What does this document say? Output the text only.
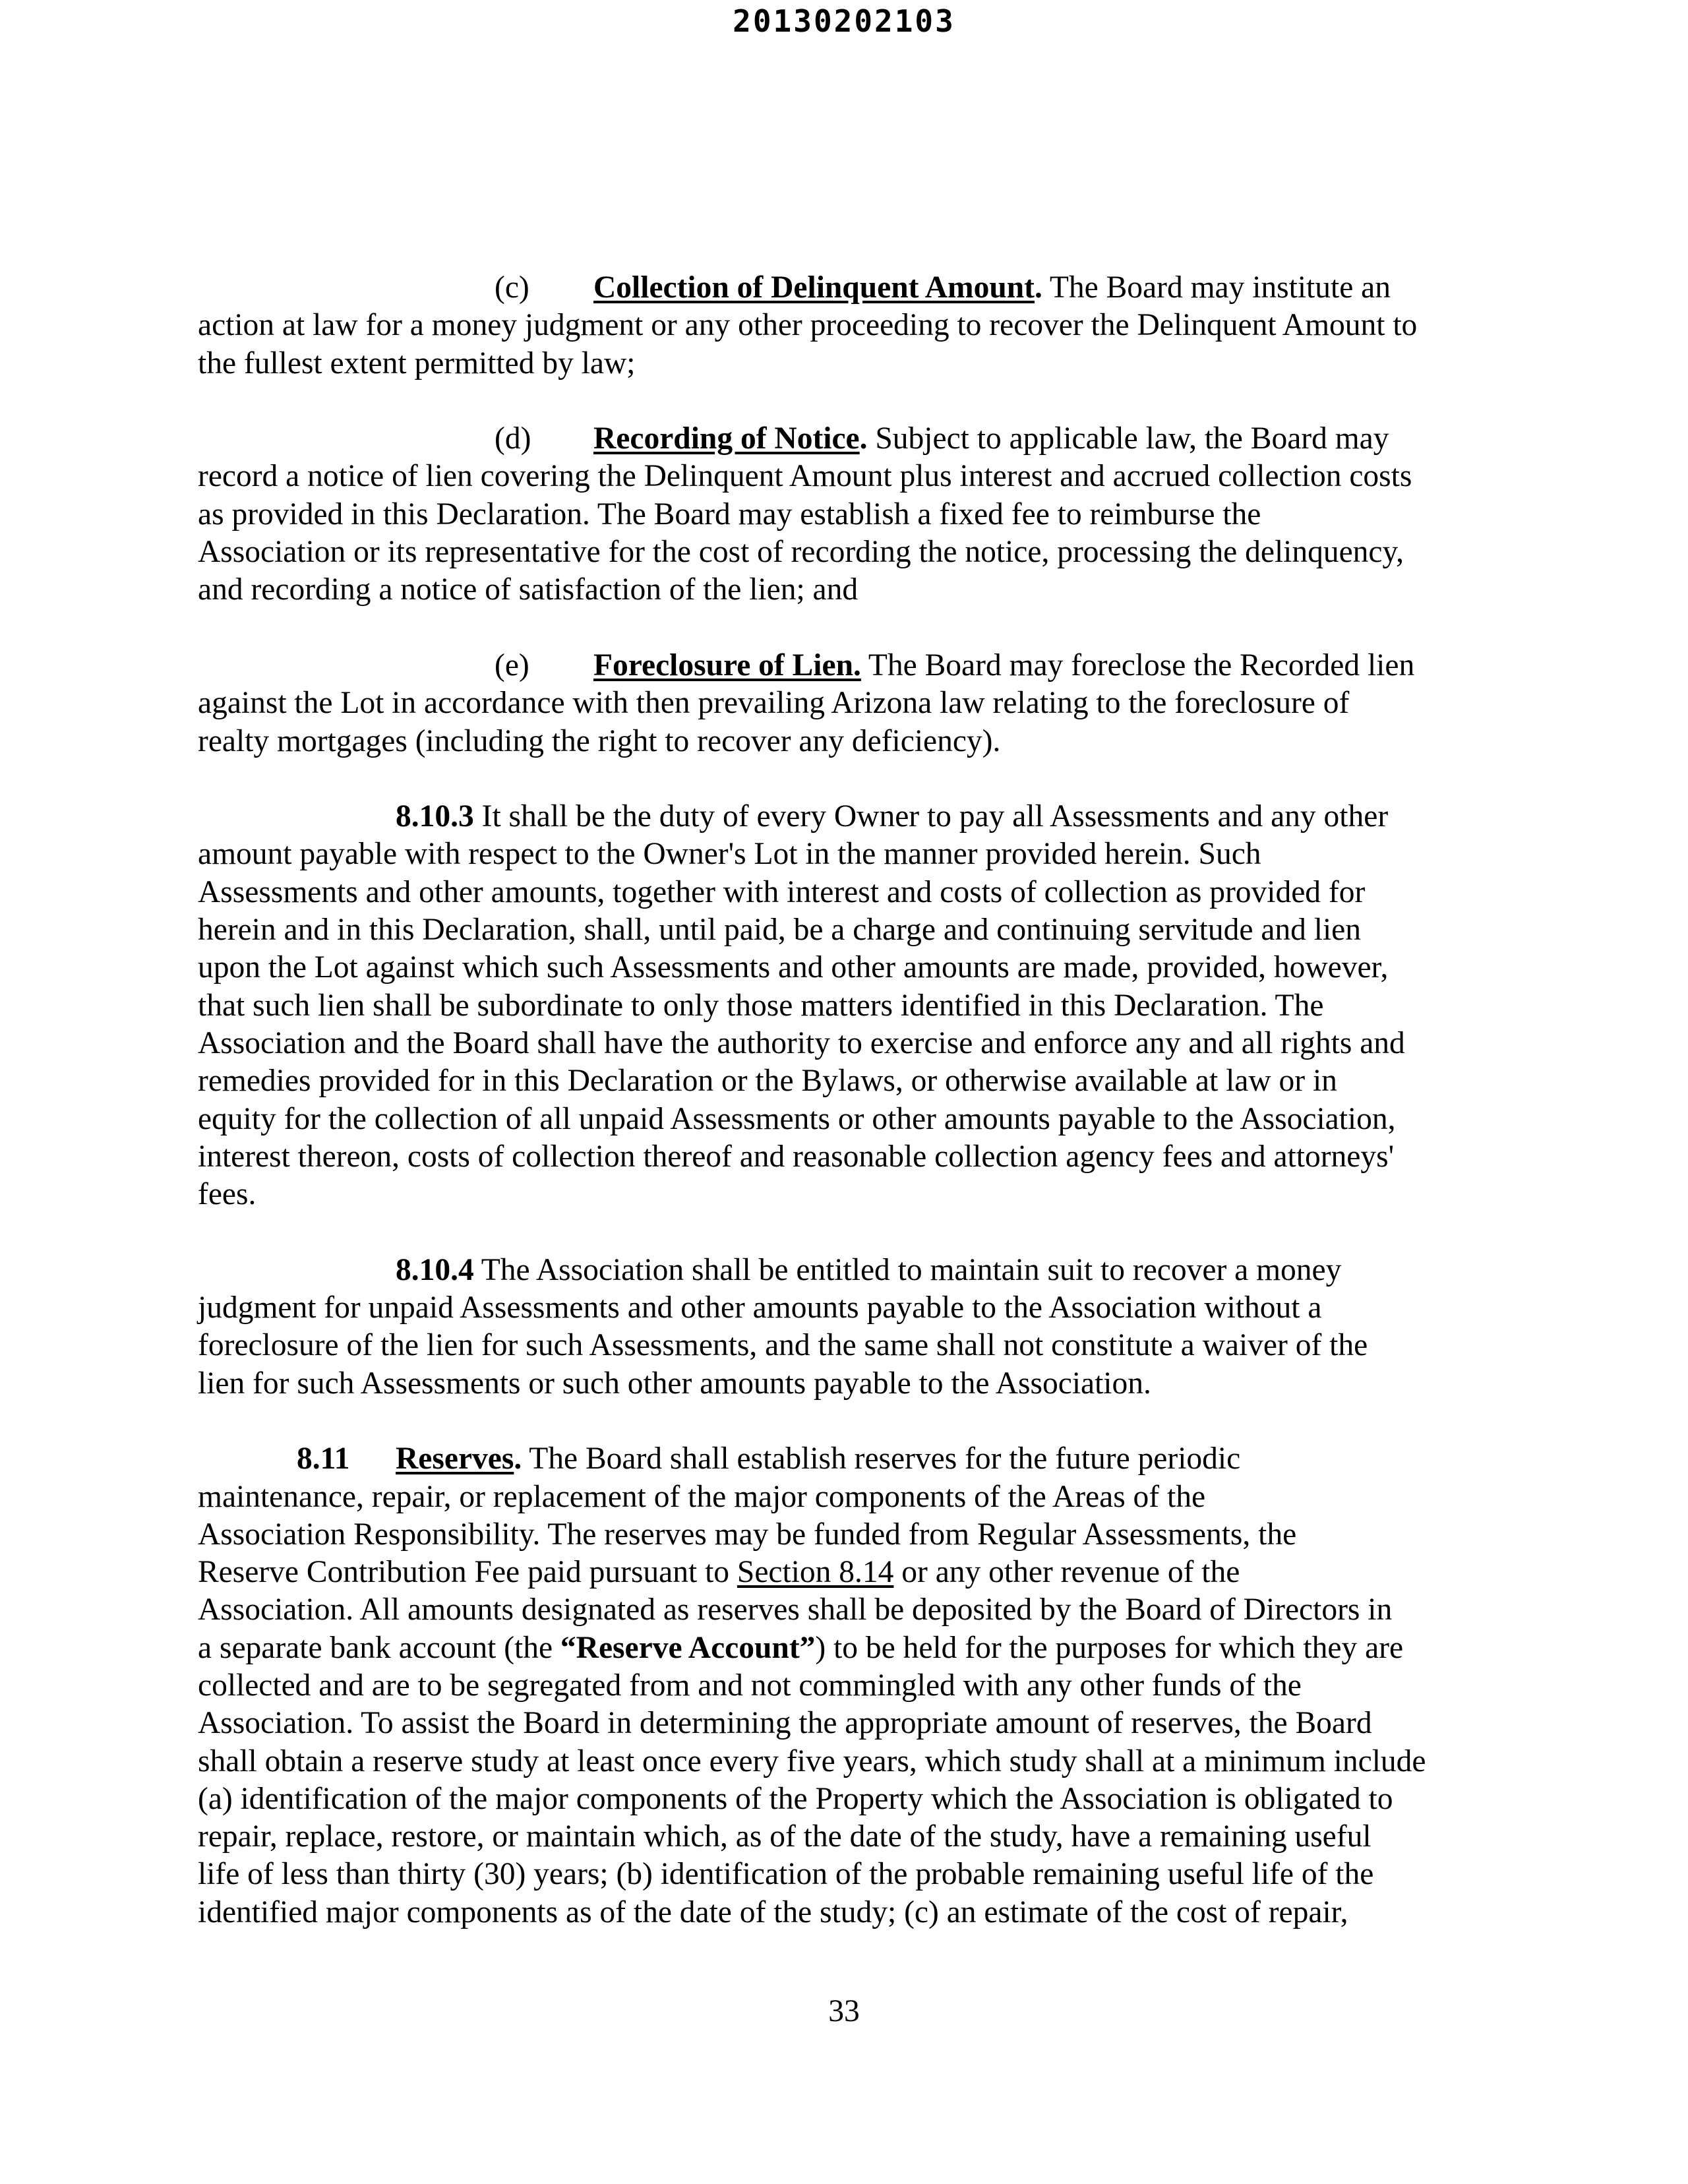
20130202103

(c) Collection of Delinquent Amount. The Board may institute an
action at law for a money judgment or any other proceeding to recover the Delinquent Amount to
the fullest extent permitted by law;

(d) Recording of Notice. Subject to applicable law, the Board may
record a notice of lien covering the Delinquent Amount plus interest and accrued collection costs
as provided in this Declaration. The Board may establish a fixed fee to reimburse the
Association or its representative for the cost of recording the notice, processing the delinquency,
and recording a notice of satisfaction of the lien; and

(e) Foreclosure of Lien. The Board may foreclose the Recorded lien
against the Lot in accordance with then prevailing Arizona law relating to the foreclosure of
realty mortgages (including the right to recover any deficiency).

8.10.3 It shall be the duty of every Owner to pay all Assessments and any other
amount payable with respect to the Owner's Lot in the manner provided herein. Such
Assessments and other amounts, together with interest and costs of collection as provided for
herein and in this Declaration, shall, until paid, be a charge and continuing servitude and lien
upon the Lot against which such Assessments and other amounts are made, provided, however,
that such lien shall be subordinate to only those matters identified in this Declaration. The
Association and the Board shall have the authority to exercise and enforce any and all rights and
remedies provided for in this Declaration or the Bylaws, or otherwise available at law or in
equity for the collection of all unpaid Assessments or other amounts payable to the Association,
interest thereon, costs of collection thereof and reasonable collection agency fees and attorneys'
fees.

8.10.4 The Association shall be entitled to maintain suit to recover a money
judgment for unpaid Assessments and other amounts payable to the Association without a
foreclosure of the lien for such Assessments, and the same shall not constitute a waiver of the
lien for such Assessments or such other amounts payable to the Association.

8.11 Reserves. The Board shall establish reserves for the future periodic
maintenance, repair, or replacement of the major components of the Areas of the
Association Responsibility. The reserves may be funded from Regular Assessments, the
Reserve Contribution Fee paid pursuant to Section 8.14 or any other revenue of the
Association. All amounts designated as reserves shall be deposited by the Board of Directors in
a separate bank account (the “Reserve Account”) to be held for the purposes for which they are
collected and are to be segregated from and not commingled with any other funds of the
Association. To assist the Board in determining the appropriate amount of reserves, the Board
shall obtain a reserve study at least once every five years, which study shall at a minimum include
(a) identification of the major components of the Property which the Association is obligated to
repair, replace, restore, or maintain which, as of the date of the study, have a remaining useful
life of less than thirty (30) years; (b) identification of the probable remaining useful life of the
identified major components as of the date of the study; (c) an estimate of the cost of repair,

33
